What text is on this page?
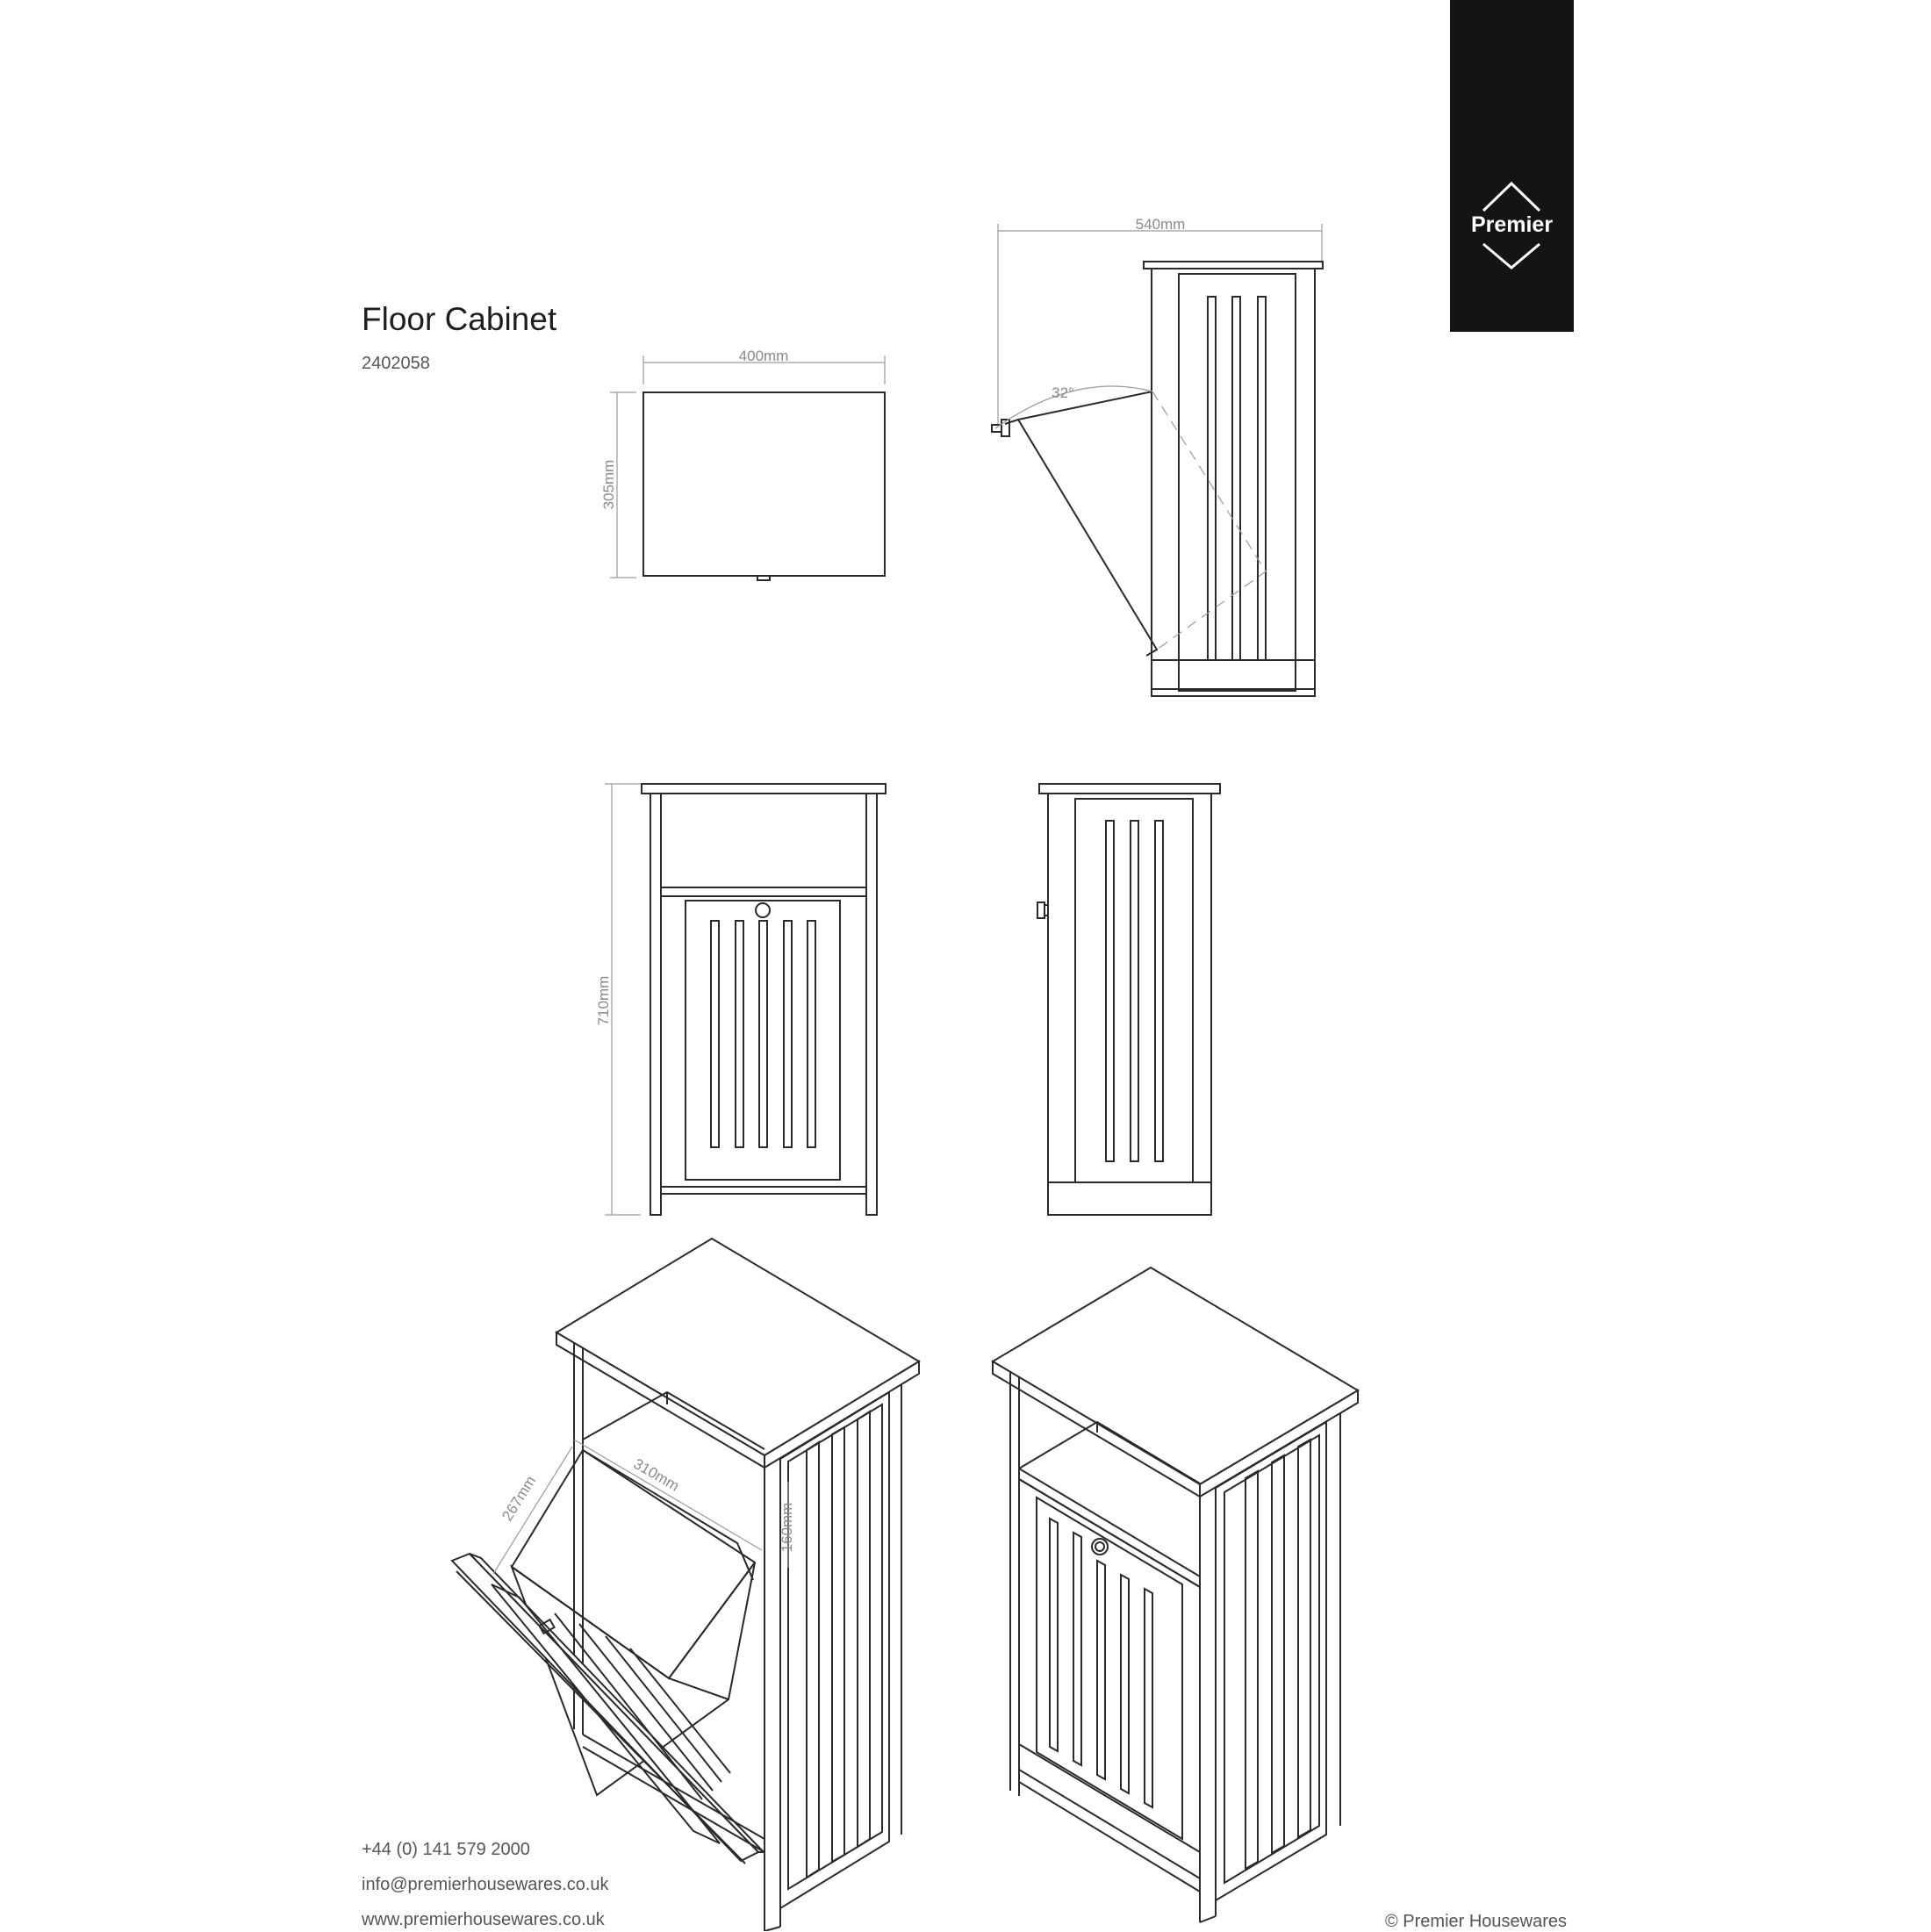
Premier
Floor Cabinet
2402058	400mm
305mm
540mm
32°
710mm
310mm
267mm
160mm
+44 (0) 141 579 2000
info@premierhousewares.co.uk
www.premierhousewares.co.uk	© Premier Housewares
